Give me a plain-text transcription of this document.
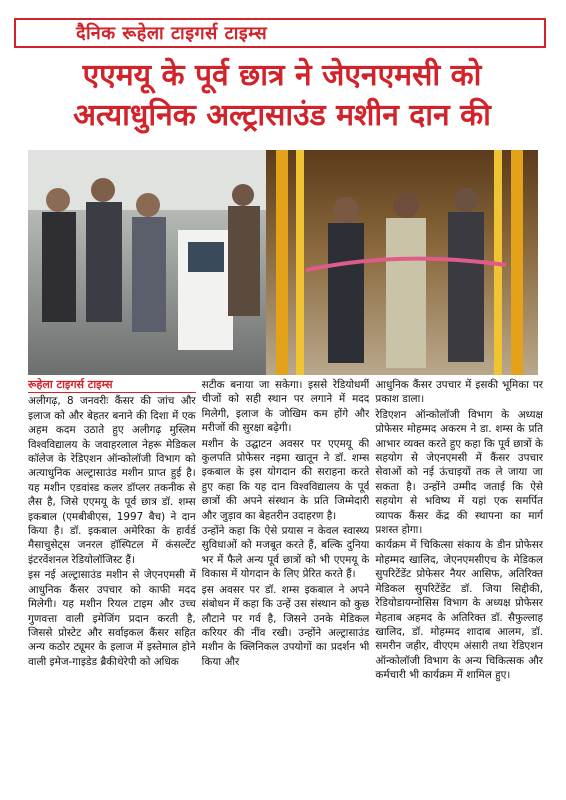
दैनिक रूहेला टाइगर्स टाइम्स
एएमयू के पूर्व छात्र ने जेएनएमसी को
अत्याधुनिक अल्ट्रासाउंड मशीन दान की
रूहेला टाइगर्स टाइम्स

अलीगढ़, 8 जनवरीः कैंसर की जांच और इलाज को और बेहतर बनाने की दिशा में एक अहम कदम उठाते हुए अलीगढ़ मुस्लिम विश्वविद्यालय के जवाहरलाल नेहरू मेडिकल कॉलेज के रेडिएशन ऑन्कोलॉजी विभाग को अत्याधुनिक अल्ट्रासाउंड मशीन प्राप्त हुई है। यह मशीन एडवांस्ड कलर डॉप्लर तकनीक से लैस है, जिसे एएमयू के पूर्व छात्र डॉ. शम्स इकबाल (एमबीबीएस, 1997 बैच) ने दान किया है। डॉ. इकबाल अमेरिका के हार्वर्ड मैसाचुसेट्स जनरल हॉस्पिटल में कंसल्टेंट इंटरवेंशनल रेडियोलॉजिस्ट हैं।

इस नई अल्ट्रासाउंड मशीन से जेएनएमसी में आधुनिक कैंसर उपचार को काफी मदद मिलेगी। यह मशीन रियल टाइम और उच्च गुणवत्ता वाली इमेजिंग प्रदान करती है, जिससे प्रोस्टेट और सर्वाइकल कैंसर सहित अन्य कठोर ट्यूमर के इलाज में इस्तेमाल होने वाली इमेज-गाइडेड ब्रैकीथेरेपी को अधिक

सटीक बनाया जा सकेगा। इससे रेडियोधर्मी चीजों को सही स्थान पर लगाने में मदद मिलेगी, इलाज के जोखिम कम होंगे और मरीजों की सुरक्षा बढ़ेगी।

मशीन के उद्घाटन अवसर पर एएमयू की कुलपति प्रोफेसर नइमा खातून ने डॉ. शम्स इकबाल के इस योगदान की सराहना करते हुए कहा कि यह दान विश्वविद्यालय के पूर्व छात्रों की अपने संस्थान के प्रति जिम्मेदारी और जुड़ाव का बेहतरीन उदाहरण है।

उन्होंने कहा कि ऐसे प्रयास न केवल स्वास्थ्य सुविधाओं को मजबूत करते हैं, बल्कि दुनिया भर में फैले अन्य पूर्व छात्रों को भी एएमयू के विकास में योगदान के लिए प्रेरित करते हैं।

इस अवसर पर डॉ. शम्स इकबाल ने अपने संबोधन में कहा कि उन्हें उस संस्थान को कुछ लौटाने पर गर्व है, जिसने उनके मेडिकल करियर की नींव रखी। उन्होंने अल्ट्रासाउंड मशीन के क्लिनिकल उपयोगों का प्रदर्शन भी किया और

आधुनिक कैंसर उपचार में इसकी भूमिका पर प्रकाश डाला।

रेडिएशन ऑन्कोलॉजी विभाग के अध्यक्ष प्रोफेसर मोहम्मद अकरम ने डा. शम्स के प्रति आभार व्यक्त करते हुए कहा कि पूर्व छात्रों के सहयोग से जेएनएमसी में कैंसर उपचार सेवाओं को नई ऊंचाइयों तक ले जाया जा सकता है। उन्होंने उम्मीद जताई कि ऐसे सहयोग से भविष्य में यहां एक समर्पित व्यापक कैंसर केंद्र की स्थापना का मार्ग प्रशस्त होगा।

कार्यक्रम में चिकित्सा संकाय के डीन प्रोफेसर मोहम्मद खालिद, जेएनएमसीएच के मेडिकल सुपरिटेंडेंट प्रोफेसर नैयर आसिफ, अतिरिक्त मेडिकल सुपरिटेंडेंट डॉ. जिया सिद्दीकी, रेडियोडायग्नोसिस विभाग के अध्यक्ष प्रोफेसर मेहताब अहमद के अतिरिक्त डॉ. सैफुल्लाह खालिद, डॉ. मोहम्मद शादाब आलम, डॉ. समरीन जहीर, वीएएम अंसारी तथा रेडिएशन ऑन्कोलॉजी विभाग के अन्य चिकित्सक और कर्मचारी भी कार्यक्रम में शामिल हुए।
